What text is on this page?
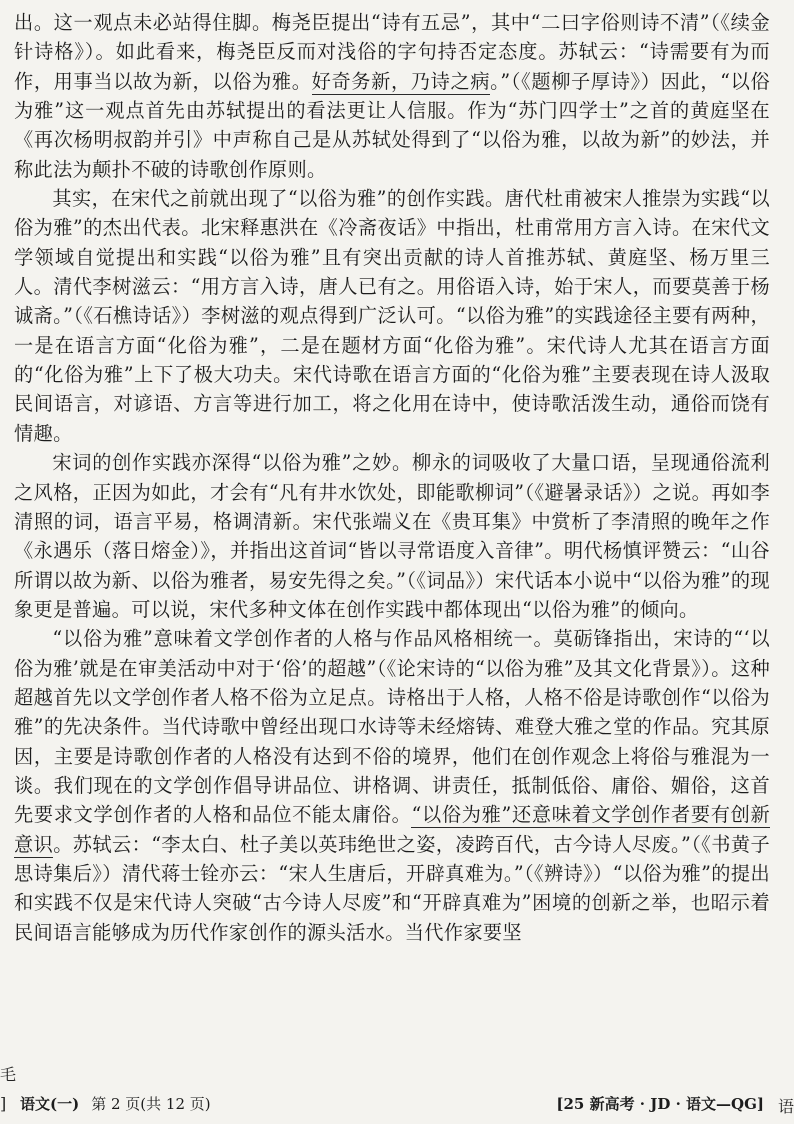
出。这一观点未必站得住脚。梅尧臣提出“诗有五忌”，其中“二曰字俗则诗不清”（《续金针诗格》）。如此看来，梅尧臣反而对浅俗的字句持否定态度。苏轼云：“诗需要有为而作，用事当以故为新，以俗为雅。好奇务新，乃诗之病。”（《题柳子厚诗》）因此，“以俗为雅”这一观点首先由苏轼提出的看法更让人信服。作为“苏门四学士”之首的黄庭坚在《再次杨明叔韵并引》中声称自己是从苏轼处得到了“以俗为雅，以故为新”的妙法，并称此法为颠扑不破的诗歌创作原则。

其实，在宋代之前就出现了“以俗为雅”的创作实践。唐代杜甫被宋人推崇为实践“以俗为雅”的杰出代表。北宋释惠洪在《冷斋夜话》中指出，杜甫常用方言入诗。在宋代文学领域自觉提出和实践“以俗为雅”且有突出贡献的诗人首推苏轼、黄庭坚、杨万里三人。清代李树滋云：“用方言入诗，唐人已有之。用俗语入诗，始于宋人，而要莫善于杨诚斋。”（《石樵诗话》）李树滋的观点得到广泛认可。“以俗为雅”的实践途径主要有两种，一是在语言方面“化俗为雅”，二是在题材方面“化俗为雅”。宋代诗人尤其在语言方面的“化俗为雅”上下了极大功夫。宋代诗歌在语言方面的“化俗为雅”主要表现在诗人汲取民间语言，对谚语、方言等进行加工，将之化用在诗中，使诗歌活泼生动，通俗而饶有情趣。

宋词的创作实践亦深得“以俗为雅”之妙。柳永的词吸收了大量口语，呈现通俗流利之风格，正因为如此，才会有“凡有井水饮处，即能歌柳词”（《避暑录话》）之说。再如李清照的词，语言平易，格调清新。宋代张端义在《贵耳集》中赏析了李清照的晚年之作《永遇乐（落日熔金）》，并指出这首词“皆以寻常语度入音律”。明代杨慎评赞云：“山谷所谓以故为新、以俗为雅者，易安先得之矣。”（《词品》）宋代话本小说中“以俗为雅”的现象更是普遍。可以说，宋代多种文体在创作实践中都体现出“以俗为雅”的倾向。

“以俗为雅”意味着文学创作者的人格与作品风格相统一。莫砺锋指出，宋诗的“‘以俗为雅’就是在审美活动中对于‘俗’的超越”（《论宋诗的“以俗为雅”及其文化背景》）。这种超越首先以文学创作者人格不俗为立足点。诗格出于人格，人格不俗是诗歌创作“以俗为雅”的先决条件。当代诗歌中曾经出现口水诗等未经熔铸、难登大雅之堂的作品。究其原因，主要是诗歌创作者的人格没有达到不俗的境界，他们在创作观念上将俗与雅混为一谈。我们现在的文学创作倡导讲品位、讲格调、讲责任，抵制低俗、庸俗、媚俗，这首先要求文学创作者的人格和品位不能太庸俗。“以俗为雅”还意味着文学创作者要有创新意识。苏轼云：“李太白、杜子美以英玮绝世之姿，凌跨百代，古今诗人尽废。”（《书黄子思诗集后》）清代蒋士铨亦云：“宋人生唐后，开辟真难为。”（《辨诗》）“以俗为雅”的提出和实践不仅是宋代诗人突破“古今诗人尽废”和“开辟真难为”困境的创新之举，也昭示着民间语言能够成为历代作家创作的源头活水。当代作家要坚

语文(一) 第 2 页(共 12 页)	[25 新高考 · JD · 语文—QG]
毛
]	语
